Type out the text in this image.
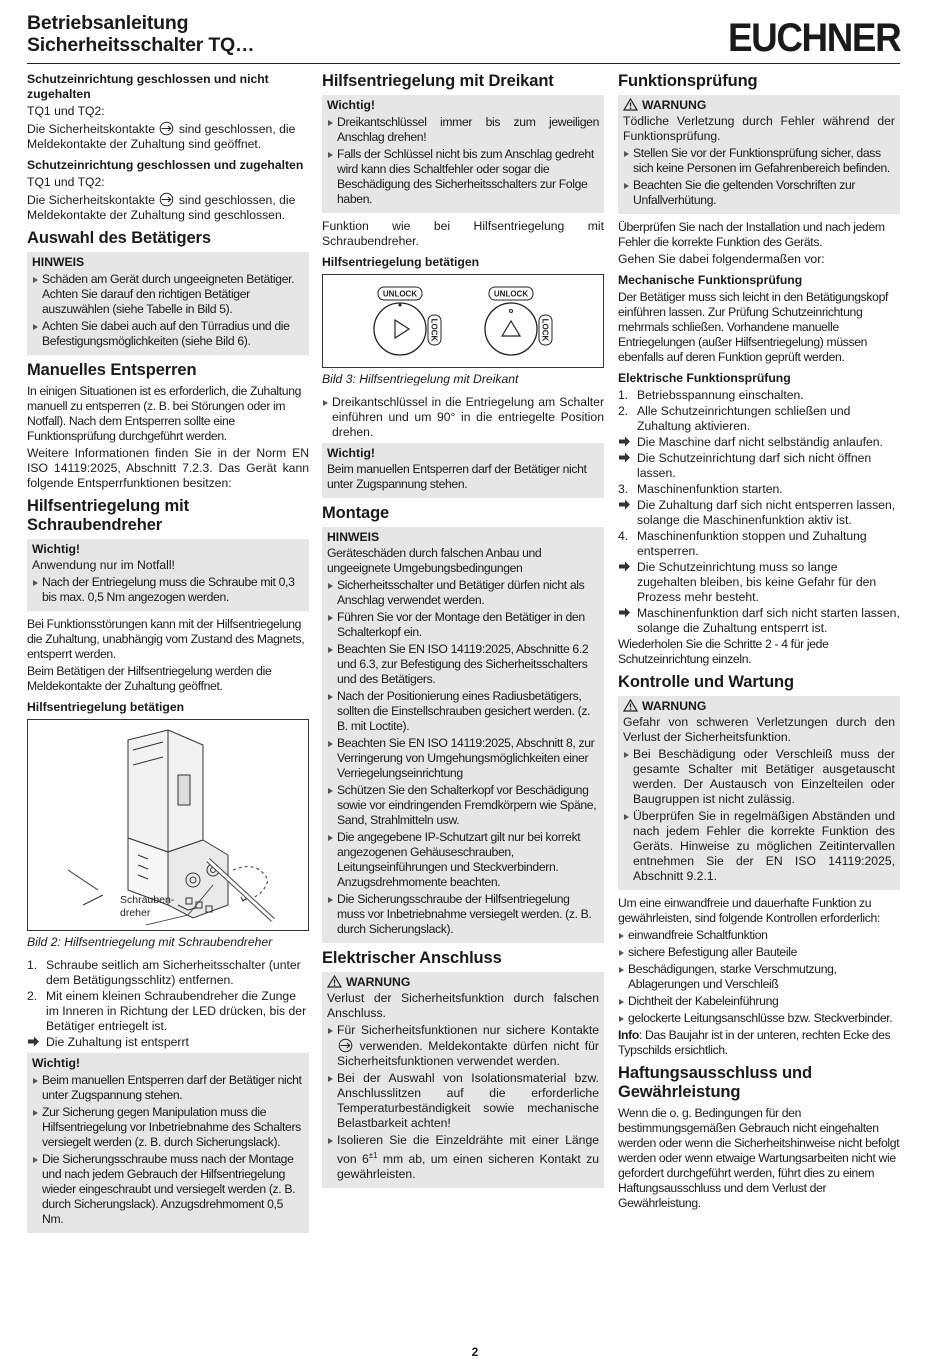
Betriebsanleitung
Sicherheitsschalter TQ…	EUCHNER
Schutzeinrichtung geschlossen und nicht zugehalten

TQ1 und TQ2:

Die Sicherheitskontakte sind geschlossen, die Meldekontakte der Zuhaltung sind geöffnet.

Schutzeinrichtung geschlossen und zugehalten

TQ1 und TQ2:

Die Sicherheitskontakte sind geschlossen, die Meldekontakte der Zuhaltung sind geschlossen.

Auswahl des Betätigers
HINWEIS
Schäden am Gerät durch ungeeigneten Betätiger. Achten Sie darauf den richtigen Betätiger auszuwählen (siehe Tabelle in Bild 5).
Achten Sie dabei auch auf den Türradius und die Befestigungsmöglichkeiten (siehe Bild 6).
Manuelles Entsperren

In einigen Situationen ist es erforderlich, die Zuhaltung manuell zu entsperren (z. B. bei Störungen oder im Notfall). Nach dem Entsperren sollte eine Funktionsprüfung durchgeführt werden.

Weitere Informationen finden Sie in der Norm EN ISO 14119:2025, Abschnitt 7.2.3. Das Gerät kann folgende Entsperrfunktionen besitzen:

Hilfsentriegelung mit Schraubendreher
Wichtig!

Anwendung nur im Notfall!

Nach der Entriegelung muss die Schraube mit 0,3 bis max. 0,5 Nm angezogen werden.

Bei Funktionsstörungen kann mit der Hilfsentriegelung die Zuhaltung, unabhängig vom Zustand des Magnets, entsperrt werden.

Beim Betätigen der Hilfsentriegelung werden die Meldekontakte der Zuhaltung geöffnet.

Hilfsentriegelung betätigen
Schrauben-
dreher
Bild 2: Hilfsentriegelung mit Schraubendreher
1. Schraube seitlich am Sicherheitsschalter (unter dem Betätigungsschlitz) entfernen.
2. Mit einem kleinen Schraubendreher die Zunge im Inneren in Richtung der LED drücken, bis der Betätiger entriegelt ist.
Die Zuhaltung ist entsperrt
Wichtig!
Beim manuellen Entsperren darf der Betätiger nicht unter Zugspannung stehen.
Zur Sicherung gegen Manipulation muss die Hilfsentriegelung vor Inbetriebnahme des Schalters versiegelt werden (z. B. durch Sicherungslack).
Die Sicherungsschraube muss nach der Montage und nach jedem Gebrauch der Hilfsentriegelung wieder eingeschraubt und versiegelt werden (z. B. durch Sicherungslack). Anzugsdrehmoment 0,5 Nm.
Hilfsentriegelung mit Dreikant
Wichtig!
Dreikantschlüssel immer bis zum jeweiligen Anschlag drehen!
Falls der Schlüssel nicht bis zum Anschlag gedreht wird kann dies Schaltfehler oder sogar die Beschädigung des Sicherheitsschalters zur Folge haben.

Funktion wie bei Hilfsentriegelung mit Schraubendreher.

Hilfsentriegelung betätigen
UNLOCK
LOCK
UNLOCK
LOCK
Bild 3: Hilfsentriegelung mit Dreikant
Dreikantschlüssel in die Entriegelung am Schalter einführen und um 90° in die entriegelte Position drehen.
Wichtig!

Beim manuellen Entsperren darf der Betätiger nicht unter Zugspannung stehen.

Montage
HINWEIS

Geräteschäden durch falschen Anbau und ungeeignete Umgebungsbedingungen

Sicherheitsschalter und Betätiger dürfen nicht als Anschlag verwendet werden.
Führen Sie vor der Montage den Betätiger in den Schalterkopf ein.
Beachten Sie EN ISO 14119:2025, Abschnitte 6.2 und 6.3, zur Befestigung des Sicherheitsschalters und des Betätigers.
Nach der Positionierung eines Radiusbetätigers, sollten die Einstellschrauben gesichert werden. (z. B. mit Loctite).
Beachten Sie EN ISO 14119:2025, Abschnitt 8, zur Verringerung von Umgehungsmöglichkeiten einer Verriegelungseinrichtung
Schützen Sie den Schalterkopf vor Beschädigung sowie vor eindringenden Fremdkörpern wie Späne, Sand, Strahlmitteln usw.
Die angegebene IP-Schutzart gilt nur bei korrekt angezogenen Gehäuseschrauben, Leitungseinführungen und Steckverbindern. Anzugsdrehmomente beachten.
Die Sicherungsschraube der Hilfsentriegelung muss vor Inbetriebnahme versiegelt werden. (z. B. durch Sicherungslack).
Elektrischer Anschluss
WARNUNG

Verlust der Sicherheitsfunktion durch falschen Anschluss.

Für Sicherheitsfunktionen nur sichere Kontakte  verwenden. Meldekontakte dürfen nicht für Sicherheitsfunktionen verwendet werden.
Bei der Auswahl von Isolationsmaterial bzw. Anschlusslitzen auf die erforderliche Temperaturbeständigkeit sowie mechanische Belastbarkeit achten!
Isolieren Sie die Einzeldrähte mit einer Länge von $6^{\pm 1}$ mm ab, um einen sicheren Kontakt zu gewährleisten.
Funktionsprüfung
WARNUNG

Tödliche Verletzung durch Fehler während der Funktionsprüfung.

Stellen Sie vor der Funktionsprüfung sicher, dass sich keine Personen im Gefahrenbereich befinden.
Beachten Sie die geltenden Vorschriften zur Unfallverhütung.

Überprüfen Sie nach der Installation und nach jedem Fehler die korrekte Funktion des Geräts.

Gehen Sie dabei folgendermaßen vor:

Mechanische Funktionsprüfung

Der Betätiger muss sich leicht in den Betätigungskopf einführen lassen. Zur Prüfung Schutzeinrichtung mehrmals schließen. Vorhandene manuelle Entriegelungen (außer Hilfsentriegelung) müssen ebenfalls auf deren Funktion geprüft werden.

Elektrische Funktionsprüfung
1. Betriebsspannung einschalten.
2. Alle Schutzeinrichtungen schließen und Zuhaltung aktivieren.
Die Maschine darf nicht selbständig anlaufen.
Die Schutzeinrichtung darf sich nicht öffnen lassen.
3. Maschinenfunktion starten.
Die Zuhaltung darf sich nicht entsperren lassen, solange die Maschinenfunktion aktiv ist.
4. Maschinenfunktion stoppen und Zuhaltung entsperren.
Die Schutzeinrichtung muss so lange zugehalten bleiben, bis keine Gefahr für den Prozess mehr besteht.
Maschinenfunktion darf sich nicht starten lassen, solange die Zuhaltung entsperrt ist.

Wiederholen Sie die Schritte 2 - 4 für jede Schutzeinrichtung einzeln.

Kontrolle und Wartung
WARNUNG

Gefahr von schweren Verletzungen durch den Verlust der Sicherheitsfunktion.

Bei Beschädigung oder Verschleiß muss der gesamte Schalter mit Betätiger ausgetauscht werden. Der Austausch von Einzelteilen oder Baugruppen ist nicht zulässig.
Überprüfen Sie in regelmäßigen Abständen und nach jedem Fehler die korrekte Funktion des Geräts. Hinweise zu möglichen Zeitintervallen entnehmen Sie der EN ISO 14119:2025, Abschnitt 9.2.1.

Um eine einwandfreie und dauerhafte Funktion zu gewährleisten, sind folgende Kontrollen erforderlich:

einwandfreie Schaltfunktion
sichere Befestigung aller Bauteile
Beschädigungen, starke Verschmutzung, Ablagerungen und Verschleiß
Dichtheit der Kabeleinführung
gelockerte Leitungsanschlüsse bzw. Steckverbinder.

Info: Das Baujahr ist in der unteren, rechten Ecke des Typschilds ersichtlich.

Haftungsausschluss und Gewährleistung

Wenn die o. g. Bedingungen für den bestimmungsgemäßen Gebrauch nicht eingehalten werden oder wenn die Sicherheitshinweise nicht befolgt werden oder wenn etwaige Wartungsarbeiten nicht wie gefordert durchgeführt werden, führt dies zu einem Haftungsausschluss und dem Verlust der Gewährleistung.

2
